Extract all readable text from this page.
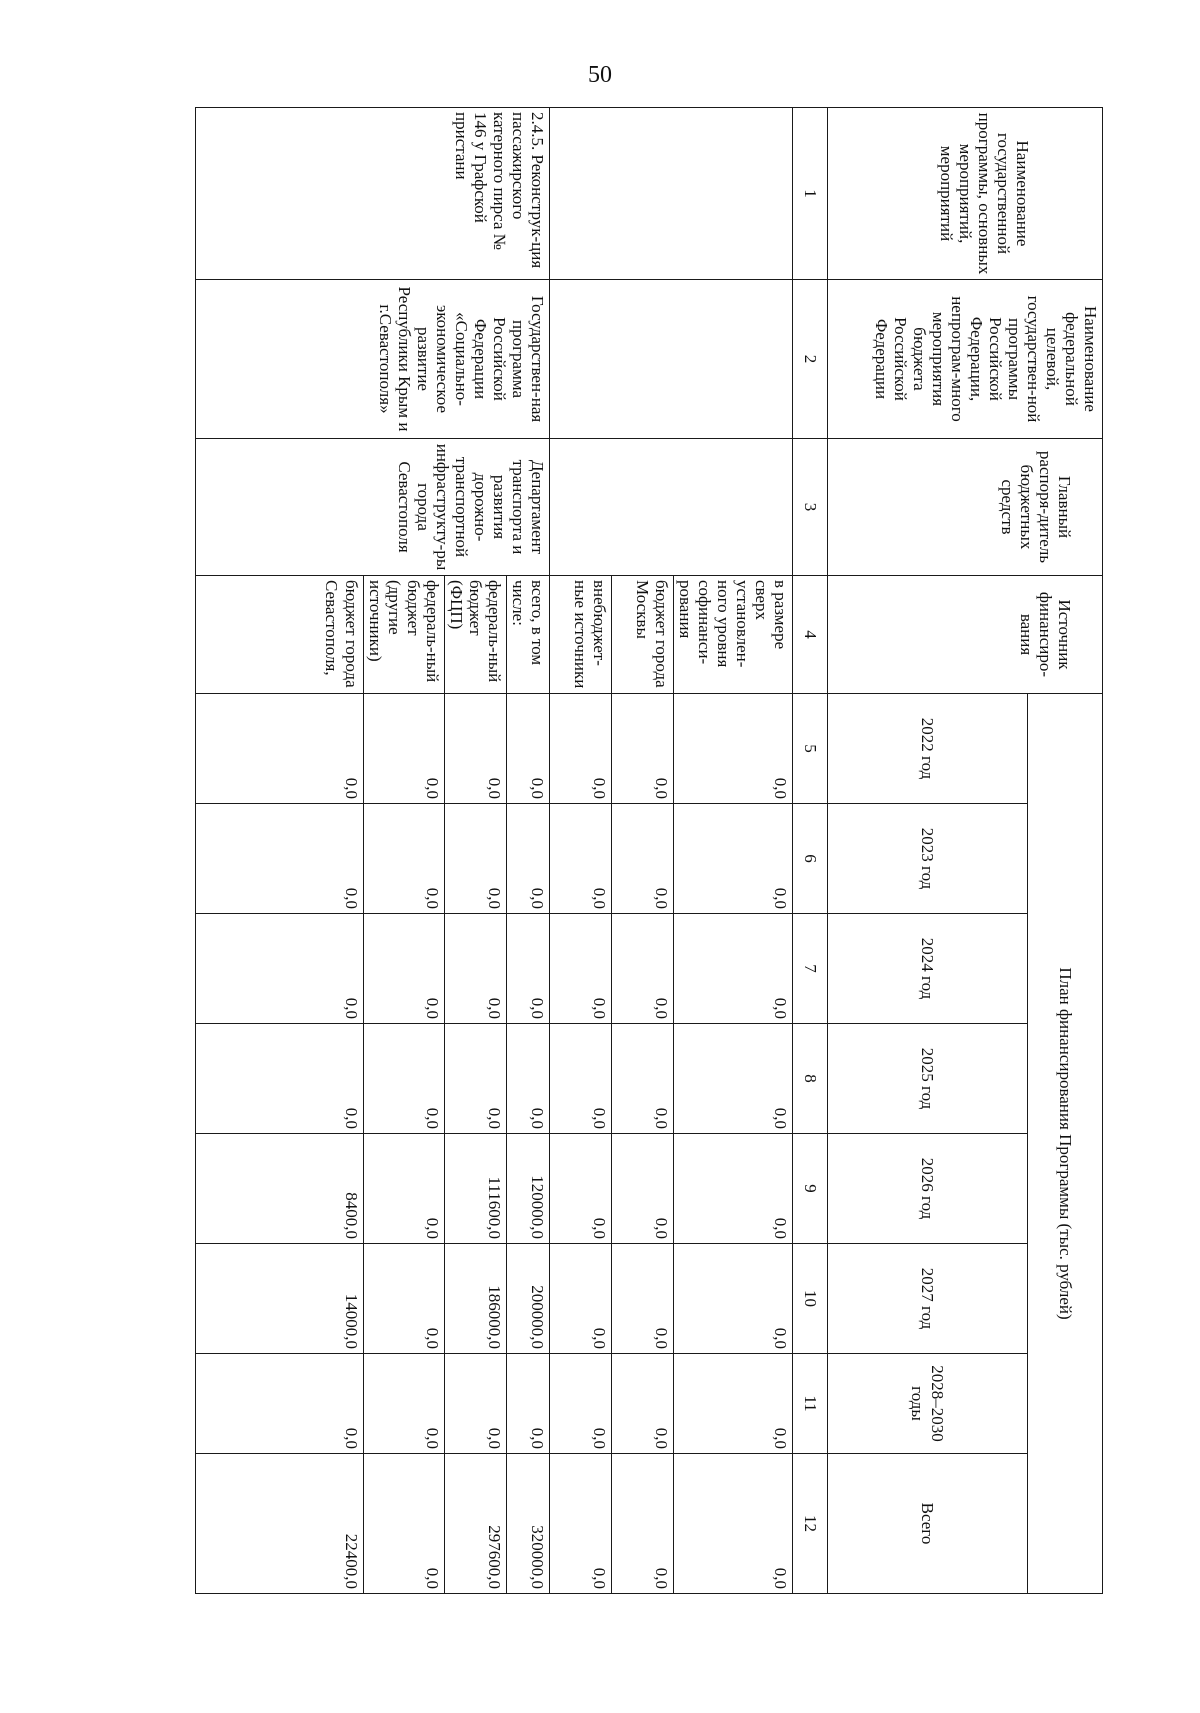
50
Наименование государственной программы, основных мероприятий, мероприятий	Наименование федеральной целевой, государствен-ной программы Российской Федерации, непрограм-много мероприятия бюджета Российской Федерации	Главный распоря-дитель бюджетных средств	Источник финансиро-вания	План финансирования Программы (тыс. рублей)							
				2022 год	2023 год	2024 год	2025 год	2026 год	2027 год	2028–2030 годы	Всего
1	2	3	4	5	6	7	8	9	10	11	12
			в размере сверх установлен-ного уровня софинанси-рования	0,0	0,0	0,0	0,0	0,0	0,0	0,0	0,0
			бюджет города Москвы	0,0	0,0	0,0	0,0	0,0	0,0	0,0	0,0
			внебюджет-ные источники	0,0	0,0	0,0	0,0	0,0	0,0	0,0	0,0
2.4.5. Реконструк-ция пассажирского катерного пирса № 146 у Графской пристани	Государствен-ная программа Российской Федерации «Социально-экономическое развитие Республики Крым и г.Севастополя»	Департамент транспорта и развития дорожно-транспортной инфраструкту-ры города Севастополя	всего, в том числе:	0,0	0,0	0,0	0,0	120000,0	200000,0	0,0	320000,0
			федераль-ный бюджет (ФЦП)	0,0	0,0	0,0	0,0	111600,0	186000,0	0,0	297600,0
			федераль-ный бюджет (другие источники)	0,0	0,0	0,0	0,0	0,0	0,0	0,0	0,0
			бюджет города Севастополя,	0,0	0,0	0,0	0,0	8400,0	14000,0	0,0	22400,0
